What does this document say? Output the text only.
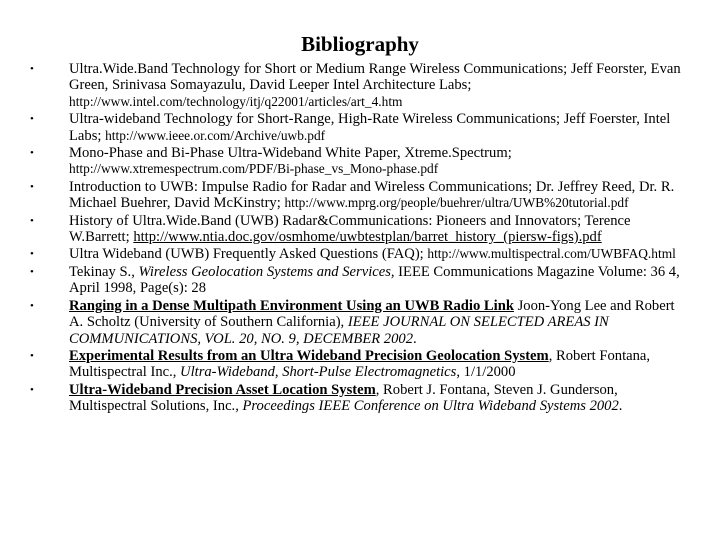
Bibliography
• Ultra.Wide.Band Technology for Short or Medium Range Wireless Communications; Jeff Feorster, Evan Green, Srinivasa Somayazulu, David Leeper Intel Architecture Labs; http://www.intel.com/technology/itj/q22001/articles/art_4.htm
• Ultra-wideband Technology for Short-Range, High-Rate Wireless Communications; Jeff Foerster, Intel Labs; http://www.ieee.or.com/Archive/uwb.pdf
• Mono-Phase and Bi-Phase Ultra-Wideband White Paper, Xtreme.Spectrum; http://www.xtremespectrum.com/PDF/Bi-phase_vs_Mono-phase.pdf
• Introduction to UWB: Impulse Radio for Radar and Wireless Communications; Dr. Jeffrey Reed, Dr. R. Michael Buehrer, David McKinstry; http://www.mprg.org/people/buehrer/ultra/UWB%20tutorial.pdf
• History of Ultra.Wide.Band (UWB) Radar&Communications: Pioneers and Innovators; Terence W.Barrett; http://www.ntia.doc.gov/osmhome/uwbtestplan/barret_history_(piersw-figs).pdf
• Ultra Wideband (UWB) Frequently Asked Questions (FAQ); http://www.multispectral.com/UWBFAQ.html
• Tekinay S., Wireless Geolocation Systems and Services, IEEE Communications Magazine Volume: 36 4, April 1998, Page(s): 28
• Ranging in a Dense Multipath Environment Using an UWB Radio Link Joon-Yong Lee and Robert A. Scholtz (University of Southern California), IEEE JOURNAL ON SELECTED AREAS IN COMMUNICATIONS, VOL. 20, NO. 9, DECEMBER 2002.
• Experimental Results from an Ultra Wideband Precision Geolocation System, Robert Fontana, Multispectral Inc., Ultra-Wideband, Short-Pulse Electromagnetics, 1/1/2000
• Ultra-Wideband Precision Asset Location System, Robert J. Fontana, Steven J. Gunderson, Multispectral Solutions, Inc., Proceedings IEEE Conference on Ultra Wideband Systems 2002.
